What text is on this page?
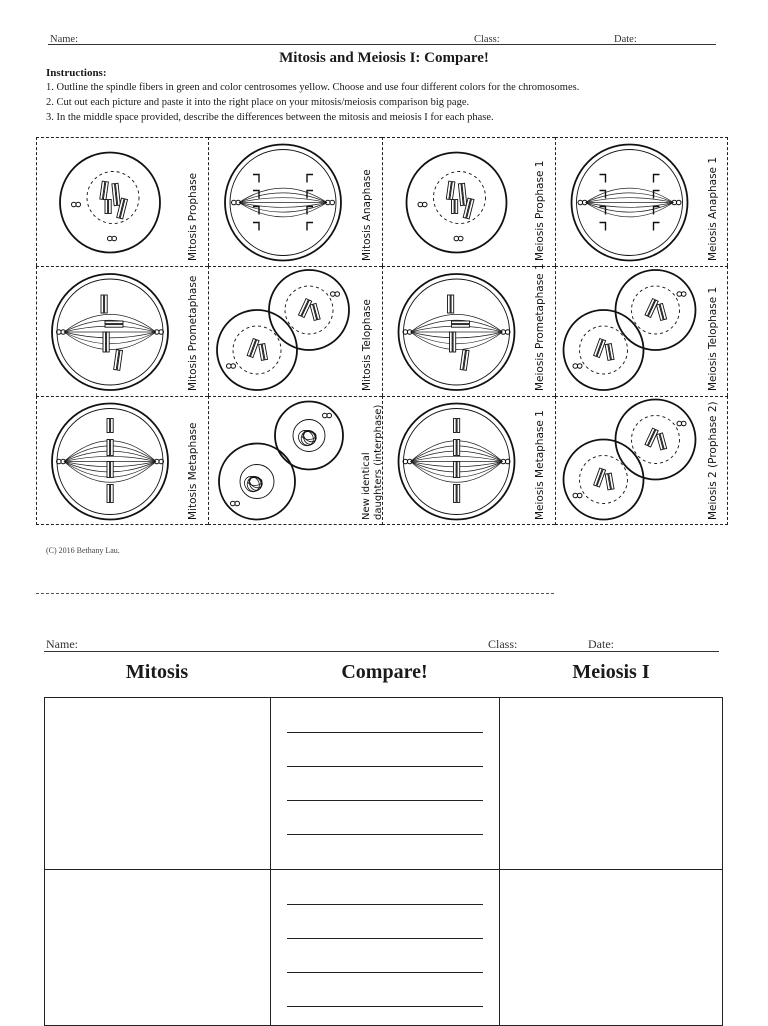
Name:	Class:	Date:
Mitosis and Meiosis I: Compare!
Instructions:
1. Outline the spindle fibers in green and color centrosomes yellow. Choose and use four different colors for the chromosomes.
2. Cut out each picture and paste it into the right place on your mitosis/meiosis comparison big page.
3. In the middle space provided, describe the differences between the mitosis and meiosis I for each phase.
Mitosis Prophase	Mitosis Anaphase	Meiosis Prophase 1	Meiosis Anaphase 1
Mitosis Prometaphase	Mitosis Telophase	Meiosis Prometaphase 1	Meiosis Telophase 1
Mitosis Metaphase	New identical
daughters (interphase)	Meiosis Metaphase 1	Meiosis 2 (Prophase 2)
(C) 2016 Bethany Lau.
Name:	Class:	Date:
Mitosis	Compare!	Meiosis I
